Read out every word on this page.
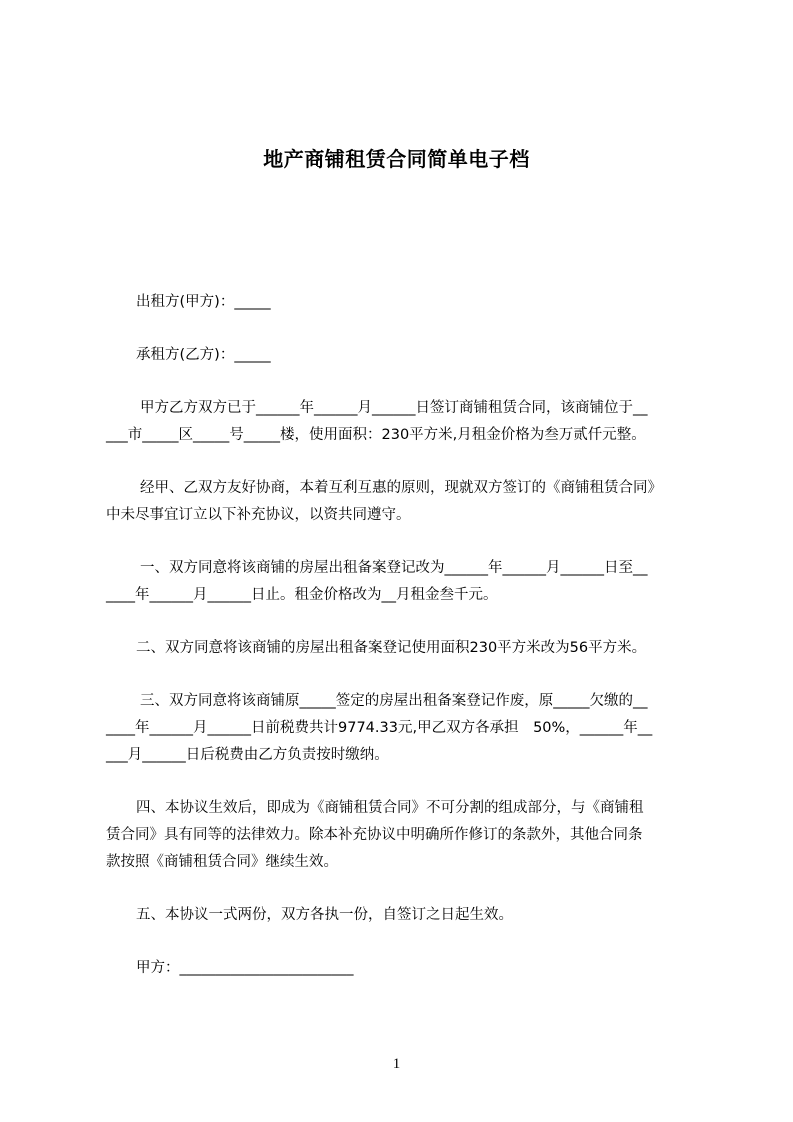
地产商铺租赁合同简单电子档
出租方(甲方)：_____
承租方(乙方)：_____
甲方乙方双方已于______年______月______日签订商铺租赁合同，该商铺位于__
___市_____区_____号_____楼，使用面积：230平方米,月租金价格为叁万贰仟元整。
经甲、乙双方友好协商，本着互利互惠的原则，现就双方签订的《商铺租赁合同》
中未尽事宜订立以下补充协议，以资共同遵守。
一、双方同意将该商铺的房屋出租备案登记改为______年______月______日至__
____年______月______日止。租金价格改为__月租金叁千元。
二、双方同意将该商铺的房屋出租备案登记使用面积230平方米改为56平方米。
三、双方同意将该商铺原_____签定的房屋出租备案登记作废，原_____欠缴的__
____年______月______日前税费共计9774.33元,甲乙双方各承担　50%，______年__
___月______日后税费由乙方负责按时缴纳。
四、本协议生效后，即成为《商铺租赁合同》不可分割的组成部分，与《商铺租
赁合同》具有同等的法律效力。除本补充协议中明确所作修订的条款外，其他合同条
款按照《商铺租赁合同》继续生效。
五、本协议一式两份，双方各执一份，自签订之日起生效。
甲方：________________________
1
